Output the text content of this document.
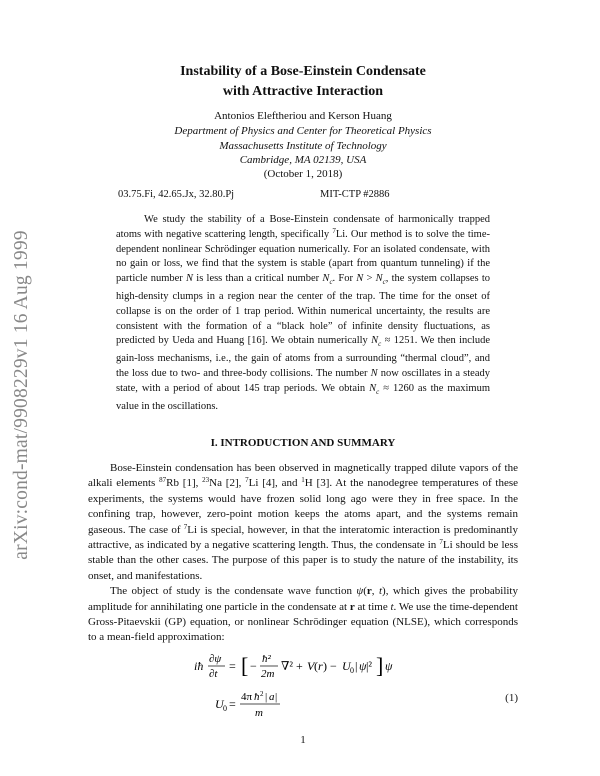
arXiv:cond-mat/9908229v1 16 Aug 1999
Instability of a Bose-Einstein Condensate
with Attractive Interaction
Antonios Eleftheriou and Kerson Huang
Department of Physics and Center for Theoretical Physics
Massachusetts Institute of Technology
Cambridge, MA 02139, USA
(October 1, 2018)
03.75.Fi, 42.65.Jx, 32.80.Pj	MIT-CTP #2886

We study the stability of a Bose-Einstein condensate of harmonically trapped atoms with negative scattering length, specifically $^7$Li. Our method is to solve the time-dependent nonlinear Schrödinger equation numerically. For an isolated condensate, with no gain or loss, we find that the system is stable (apart from quantum tunneling) if the particle number N is less than a critical number $N_c$. For $N > N_c$, the system collapses to high-density clumps in a region near the center of the trap. The time for the onset of collapse is on the order of 1 trap period. Within numerical uncertainty, the results are consistent with the formation of a “black hole” of infinite density fluctuations, as predicted by Ueda and Huang [16]. We obtain numerically $N_c \approx 1251$. We then include gain-loss mechanisms, i.e., the gain of atoms from a surrounding “thermal cloud”, and the loss due to two- and three-body collisions. The number N now oscillates in a steady state, with a period of about 145 trap periods. We obtain $N_c \approx 1260$ as the maximum value in the oscillations.

I. INTRODUCTION AND SUMMARY

Bose-Einstein condensation has been observed in magnetically trapped dilute vapors of the alkali elements $^{87}$Rb [1], $^{23}$Na [2], $^7$Li [4], and $^1$H [3]. At the nanodegree temperatures of these experiments, the systems would have frozen solid long ago were they in free space. In the confining trap, however, zero-point motion keeps the atoms apart, and the systems remain gaseous. The case of $^7$Li is special, however, in that the interatomic interaction is predominantly attractive, as indicated by a negative scattering length. Thus, the condensate in $^7$Li should be less stable than the other cases. The purpose of this paper is to study the nature of the instability, its onset, and manifestations.

The object of study is the condensate wave function ψ(r, t), which gives the probability amplitude for annihilating one particle in the condensate at r at time t. We use the time-dependent Gross-Pitaevskii (GP) equation, or nonlinear Schrödinger equation (NLSE), which corresponds to a mean-field approximation:

iħ ∂ψ
∂t
= [ − ħ²
2m
∇² + V ( r ) − U 0 | ψ |² ] ψ
U 0 = 4π ħ 2 | a |
m
(1)
1
